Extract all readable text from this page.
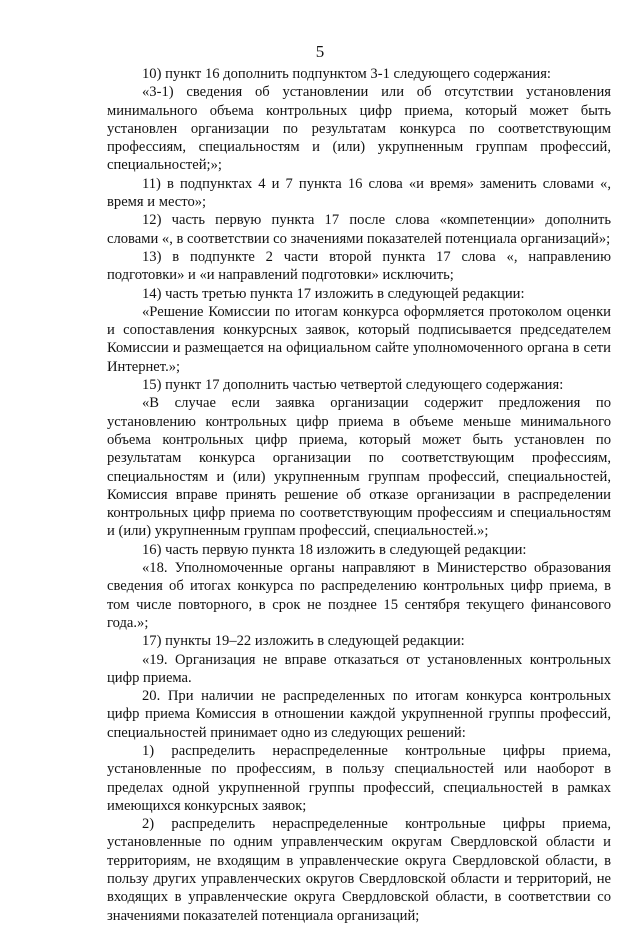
5

10) пункт 16 дополнить подпунктом 3-1 следующего содержания:

«3-1) сведения об установлении или об отсутствии установления минимального объема контрольных цифр приема, который может быть установлен организации по результатам конкурса по соответствующим профессиям, специальностям и (или) укрупненным группам профессий, специальностей;»;

11) в подпунктах 4 и 7 пункта 16 слова «и время» заменить словами «, время и место»;

12) часть первую пункта 17 после слова «компетенции» дополнить словами «, в соответствии со значениями показателей потенциала организаций»;

13) в подпункте 2 части второй пункта 17 слова «, направлению подготовки» и «и направлений подготовки» исключить;

14) часть третью пункта 17 изложить в следующей редакции:

«Решение Комиссии по итогам конкурса оформляется протоколом оценки и сопоставления конкурсных заявок, который подписывается председателем Комиссии и размещается на официальном сайте уполномоченного органа в сети Интернет.»;

15) пункт 17 дополнить частью четвертой следующего содержания:

«В случае если заявка организации содержит предложения по установлению контрольных цифр приема в объеме меньше минимального объема контрольных цифр приема, который может быть установлен по результатам конкурса организации по соответствующим профессиям, специальностям и (или) укрупненным группам профессий, специальностей, Комиссия вправе принять решение об отказе организации в распределении контрольных цифр приема по соответствующим профессиям и специальностям и (или) укрупненным группам профессий, специальностей.»;

16) часть первую пункта 18 изложить в следующей редакции:

«18. Уполномоченные органы направляют в Министерство образования сведения об итогах конкурса по распределению контрольных цифр приема, в том числе повторного, в срок не позднее 15 сентября текущего финансового года.»;

17) пункты 19–22 изложить в следующей редакции:

«19. Организация не вправе отказаться от установленных контрольных цифр приема.

20. При наличии не распределенных по итогам конкурса контрольных цифр приема Комиссия в отношении каждой укрупненной группы профессий, специальностей принимает одно из следующих решений:

1) распределить нераспределенные контрольные цифры приема, установленные по профессиям, в пользу специальностей или наоборот в пределах одной укрупненной группы профессий, специальностей в рамках имеющихся конкурсных заявок;

2) распределить нераспределенные контрольные цифры приема, установленные по одним управленческим округам Свердловской области и территориям, не входящим в управленческие округа Свердловской области, в пользу других управленческих округов Свердловской области и территорий, не входящих в управленческие округа Свердловской области, в соответствии со значениями показателей потенциала организаций;
